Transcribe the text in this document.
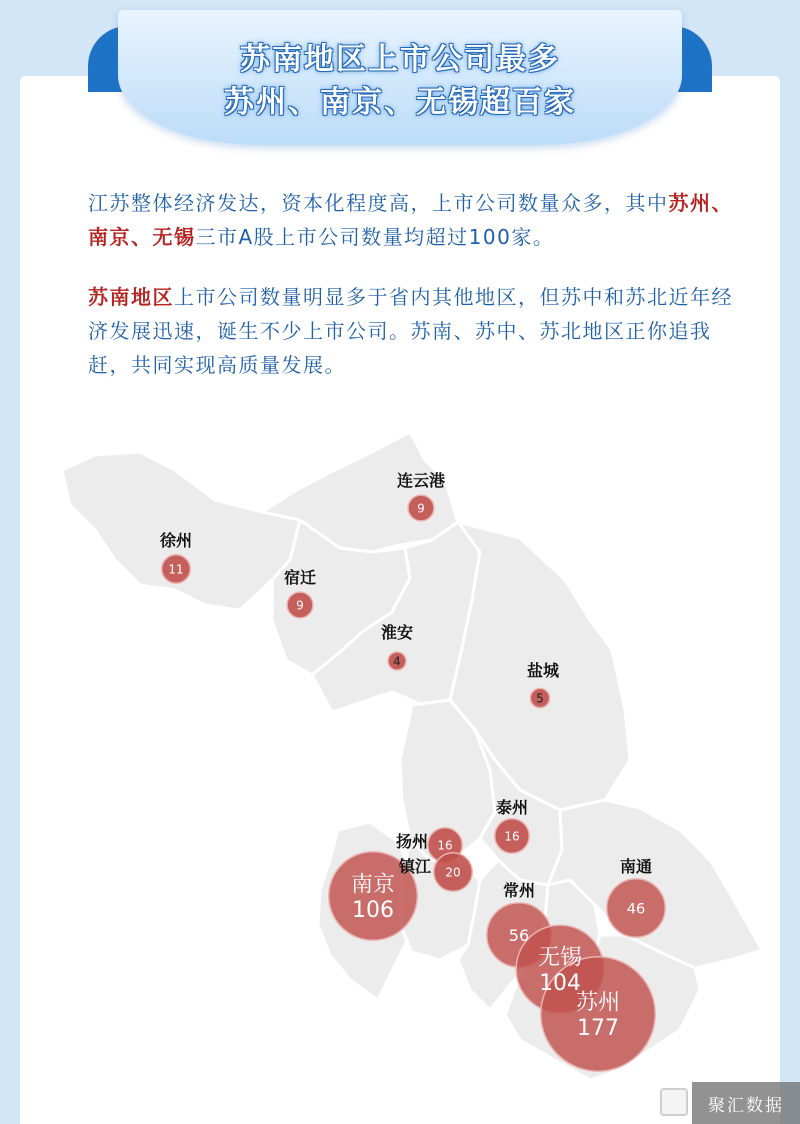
苏南地区上市公司最多
苏州、南京、无锡超百家
江苏整体经济发达，资本化程度高，上市公司数量众多，其中苏州、南京、无锡三市A股上市公司数量均超过100家。
苏南地区上市公司数量明显多于省内其他地区，但苏中和苏北近年经济发展迅速，诞生不少上市公司。苏南、苏中、苏北地区正你追我赶，共同实现高质量发展。
连云港
9
徐州
11	宿迁
9
淮安
4	盐城
5
泰州
16
扬州 16
镇江 20
南京
106
常州
56
南通
46
无锡
104
苏州
177
聚汇数据
